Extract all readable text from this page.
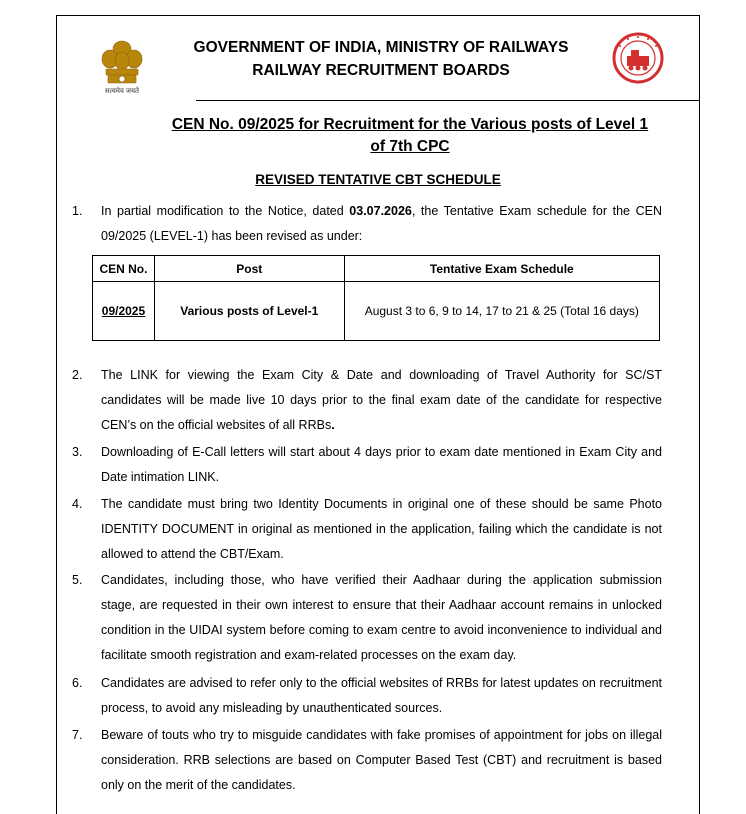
सत्यमेव जयते
GOVERNMENT OF INDIA, MINISTRY OF RAILWAYS
RAILWAY RECRUITMENT BOARDS
CEN No. 09/2025 for Recruitment for the Various posts of Level 1
of 7th CPC
REVISED TENTATIVE CBT SCHEDULE
1.	In partial modification to the Notice, dated 03.07.2026, the Tentative Exam schedule for the CEN 09/2025 (LEVEL-1) has been revised as under:
CEN No.	Post	Tentative Exam Schedule
09/2025	Various posts of Level-1	August 3 to 6, 9 to 14, 17 to 21 & 25 (Total 16 days)
2.	The LINK for viewing the Exam City & Date and downloading of Travel Authority for SC/ST candidates will be made live 10 days prior to the final exam date of the candidate for respective CEN’s on the official websites of all RRBs.
3.	Downloading of E-Call letters will start about 4 days prior to exam date mentioned in Exam City and Date intimation LINK.
4.	The candidate must bring two Identity Documents in original one of these should be same Photo IDENTITY DOCUMENT in original as mentioned in the application, failing which the candidate is not allowed to attend the CBT/Exam.
5.	Candidates, including those, who have verified their Aadhaar during the application submission stage, are requested in their own interest to ensure that their Aadhaar account remains in unlocked condition in the UIDAI system before coming to exam centre to avoid inconvenience to individual and facilitate smooth registration and exam-related processes on the exam day.
6.	Candidates are advised to refer only to the official websites of RRBs for latest updates on recruitment process, to avoid any misleading by unauthenticated sources.
7.	Beware of touts who try to misguide candidates with fake promises of appointment for jobs on illegal consideration. RRB selections are based on Computer Based Test (CBT) and recruitment is based only on the merit of the candidates.
